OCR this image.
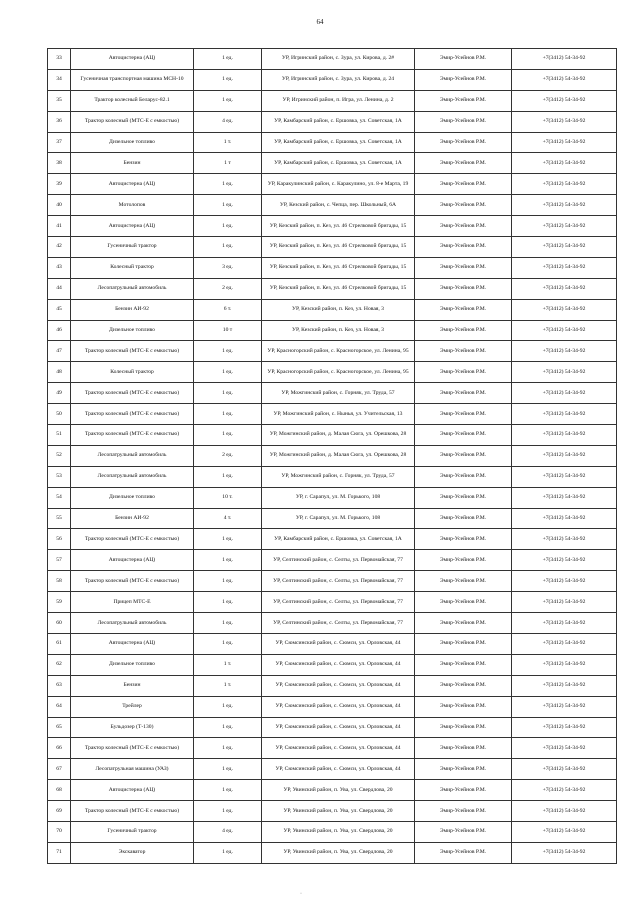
64
33	Автоцистерна (АЦ)	1 ед.	УР, Игринский район, с. Зура, ул. Кирова, д. 2#	Эмир-Усейнов Р.М.	+7(3412) 54-34-92
34	Гусеничная транспортная машина МСН-10	1 ед.	УР, Игринский район, с. Зура, ул. Кирова, д. 24	Эмир-Усейнов Р.М.	+7(3412) 54-34-92
35	Трактор колесный Беларус-82.1	1 ед.	УР, Игринский район, п. Игра, ул. Ленина, д. 2	Эмир-Усейнов Р.М.	+7(3412) 54-34-92
36	Трактор колесный (МТС-Е с емкостью)	4 ед.	УР, Камбарский район, с. Ершовка, ул. Советская, 1А	Эмир-Усейнов Р.М.	+7(3412) 54-34-92
37	Дизельное топливо	1 т.	УР, Камбарский район, с. Ершовка, ул. Советская, 1А	Эмир-Усейнов Р.М.	+7(3412) 54-34-92
38	Бензин	1 т	УР, Камбарский район, с. Ершовка, ул. Советская, 1А	Эмир-Усейнов Р.М.	+7(3412) 54-34-92
39	Автоцистерна (АЦ)	1 ед.	УР, Каракулинский район, с. Каракулино, ул. 8-е Марта, 19	Эмир-Усейнов Р.М.	+7(3412) 54-34-92
40	Мотолопов	1 ед.	УР, Кезский район, с. Чепца, пер. Школьный, 6А	Эмир-Усейнов Р.М.	+7(3412) 54-34-92
41	Автоцистерна (АЦ)	1 ед.	УР, Кезский район, п. Кез, ул. 46 Стрелковой бригады, 15	Эмир-Усейнов Р.М.	+7(3412) 54-34-92
42	Гусеничный трактор	1 ед.	УР, Кезский район, п. Кез, ул. 46 Стрелковой бригады, 15	Эмир-Усейнов Р.М.	+7(3412) 54-34-92
43	Колесный трактор	3 ед.	УР, Кезский район, п. Кез, ул. 46 Стрелковой бригады, 15	Эмир-Усейнов Р.М.	+7(3412) 54-34-92
44	Лесопатрульный автомобиль	2 ед.	УР, Кезский район, п. Кез, ул. 46 Стрелковой бригады, 15	Эмир-Усейнов Р.М.	+7(3412) 54-34-92
45	Бензин АИ-92	6 т.	УР, Кезский район, п. Кез, ул. Новая, 3	Эмир-Усейнов Р.М.	+7(3412) 54-34-92
46	Дизельное топливо	10 т	УР, Кезский район, п. Кез, ул. Новая, 3	Эмир-Усейнов Р.М.	+7(3412) 54-34-92
47	Трактор колесный (МТС-Е с емкостью)	1 ед.	УР, Красногорский район, с. Красногорское, ул. Ленина, 95	Эмир-Усейнов Р.М.	+7(3412) 54-34-92
48	Колесный трактор	1 ед.	УР, Красногорский район, с. Красногорское, ул. Ленина, 95	Эмир-Усейнов Р.М.	+7(3412) 54-34-92
49	Трактор колесный (МТС-Е с емкостью)	1 ед.	УР, Можгинский район, с. Горняк, ул. Труда, 57	Эмир-Усейнов Р.М.	+7(3412) 54-34-92
50	Трактор колесный (МТС-Е с емкостью)	1 ед.	УР, Можгинский район, с. Нынья, ул. Учительская, 13	Эмир-Усейнов Р.М.	+7(3412) 54-34-92
51	Трактор колесный (МТС-Е с емкостью)	1 ед.	УР, Можгинский район, д. Малая Сюга, ул. Орешкова, 28	Эмир-Усейнов Р.М.	+7(3412) 54-34-92
52	Лесопатрульный автомобиль	2 ед.	УР, Можгинский район, д. Малая Сюга, ул. Орешкова, 28	Эмир-Усейнов Р.М.	+7(3412) 54-34-92
53	Лесопатрульный автомобиль	1 ед.	УР, Можгинский район, с. Горняк, ул. Труда, 57	Эмир-Усейнов Р.М.	+7(3412) 54-34-92
54	Дизельное топливо	10 т.	УР, г. Сарапул, ул. М. Горького, 108	Эмир-Усейнов Р.М.	+7(3412) 54-34-92
55	Бензин АИ-92	4 т.	УР, г. Сарапул, ул. М. Горького, 108	Эмир-Усейнов Р.М.	+7(3412) 54-34-92
56	Трактор колесный (МТС-Е с емкостью)	1 ед.	УР, Камбарский район, с. Ершовка, ул. Советская, 1А	Эмир-Усейнов Р.М.	+7(3412) 54-34-92
57	Автоцистерна (АЦ)	1 ед.	УР, Селтинский район, с. Селты, ул. Первомайская, 77	Эмир-Усейнов Р.М.	+7(3412) 54-34-92
58	Трактор колесный (МТС-Е с емкостью)	1 ед.	УР, Селтинский район, с. Селты, ул. Первомайская, 77	Эмир-Усейнов Р.М.	+7(3412) 54-34-92
59	Прицеп МТС-Е	1 ед.	УР, Селтинский район, с. Селты, ул. Первомайская, 77	Эмир-Усейнов Р.М.	+7(3412) 54-34-92
60	Лесопатрульный автомобиль	1 ед.	УР, Селтинский район, с. Селты, ул. Первомайская, 77	Эмир-Усейнов Р.М.	+7(3412) 54-34-92
61	Автоцистерна (АЦ)	1 ед.	УР, Сюмсинский район, с. Сюмси, ул. Орловская, 44	Эмир-Усейнов Р.М.	+7(3412) 54-34-92
62	Дизельное топливо	1 т.	УР, Сюмсинский район, с. Сюмси, ул. Орловская, 44	Эмир-Усейнов Р.М.	+7(3412) 54-34-92
63	Бензин	1 т.	УР, Сюмсинский район, с. Сюмси, ул. Орловская, 44	Эмир-Усейнов Р.М.	+7(3412) 54-34-92
64	Трейлер	1 ед.	УР, Сюмсинский район, с. Сюмси, ул. Орловская, 44	Эмир-Усейнов Р.М.	+7(3412) 54-34-92
65	Бульдозер (Т-130)	1 ед.	УР, Сюмсинский район, с. Сюмси, ул. Орловская, 44	Эмир-Усейнов Р.М.	+7(3412) 54-34-92
66	Трактор колесный (МТС-Е с емкостью)	1 ед.	УР, Сюмсинский район, с. Сюмси, ул. Орловская, 44	Эмир-Усейнов Р.М.	+7(3412) 54-34-92
67	Лесопатрульная машина (УАЗ)	1 ед.	УР, Сюмсинский район, с. Сюмси, ул. Орловская, 44	Эмир-Усейнов Р.М.	+7(3412) 54-34-92
68	Автоцистерна (АЦ)	1 ед.	УР, Увинский район, п. Ува, ул. Свердлова, 20	Эмир-Усейнов Р.М.	+7(3412) 54-34-92
69	Трактор колесный (МТС-Е с емкостью)	1 ед.	УР, Увинский район, п. Ува, ул. Свердлова, 20	Эмир-Усейнов Р.М.	+7(3412) 54-34-92
70	Гусеничный трактор	4 ед.	УР, Увинский район, п. Ува, ул. Свердлова, 20	Эмир-Усейнов Р.М.	+7(3412) 54-34-92
71	Экскаватор	1 ед.	УР, Увинский район, п. Ува, ул. Свердлова, 20	Эмир-Усейнов Р.М.	+7(3412) 54-34-92
·
